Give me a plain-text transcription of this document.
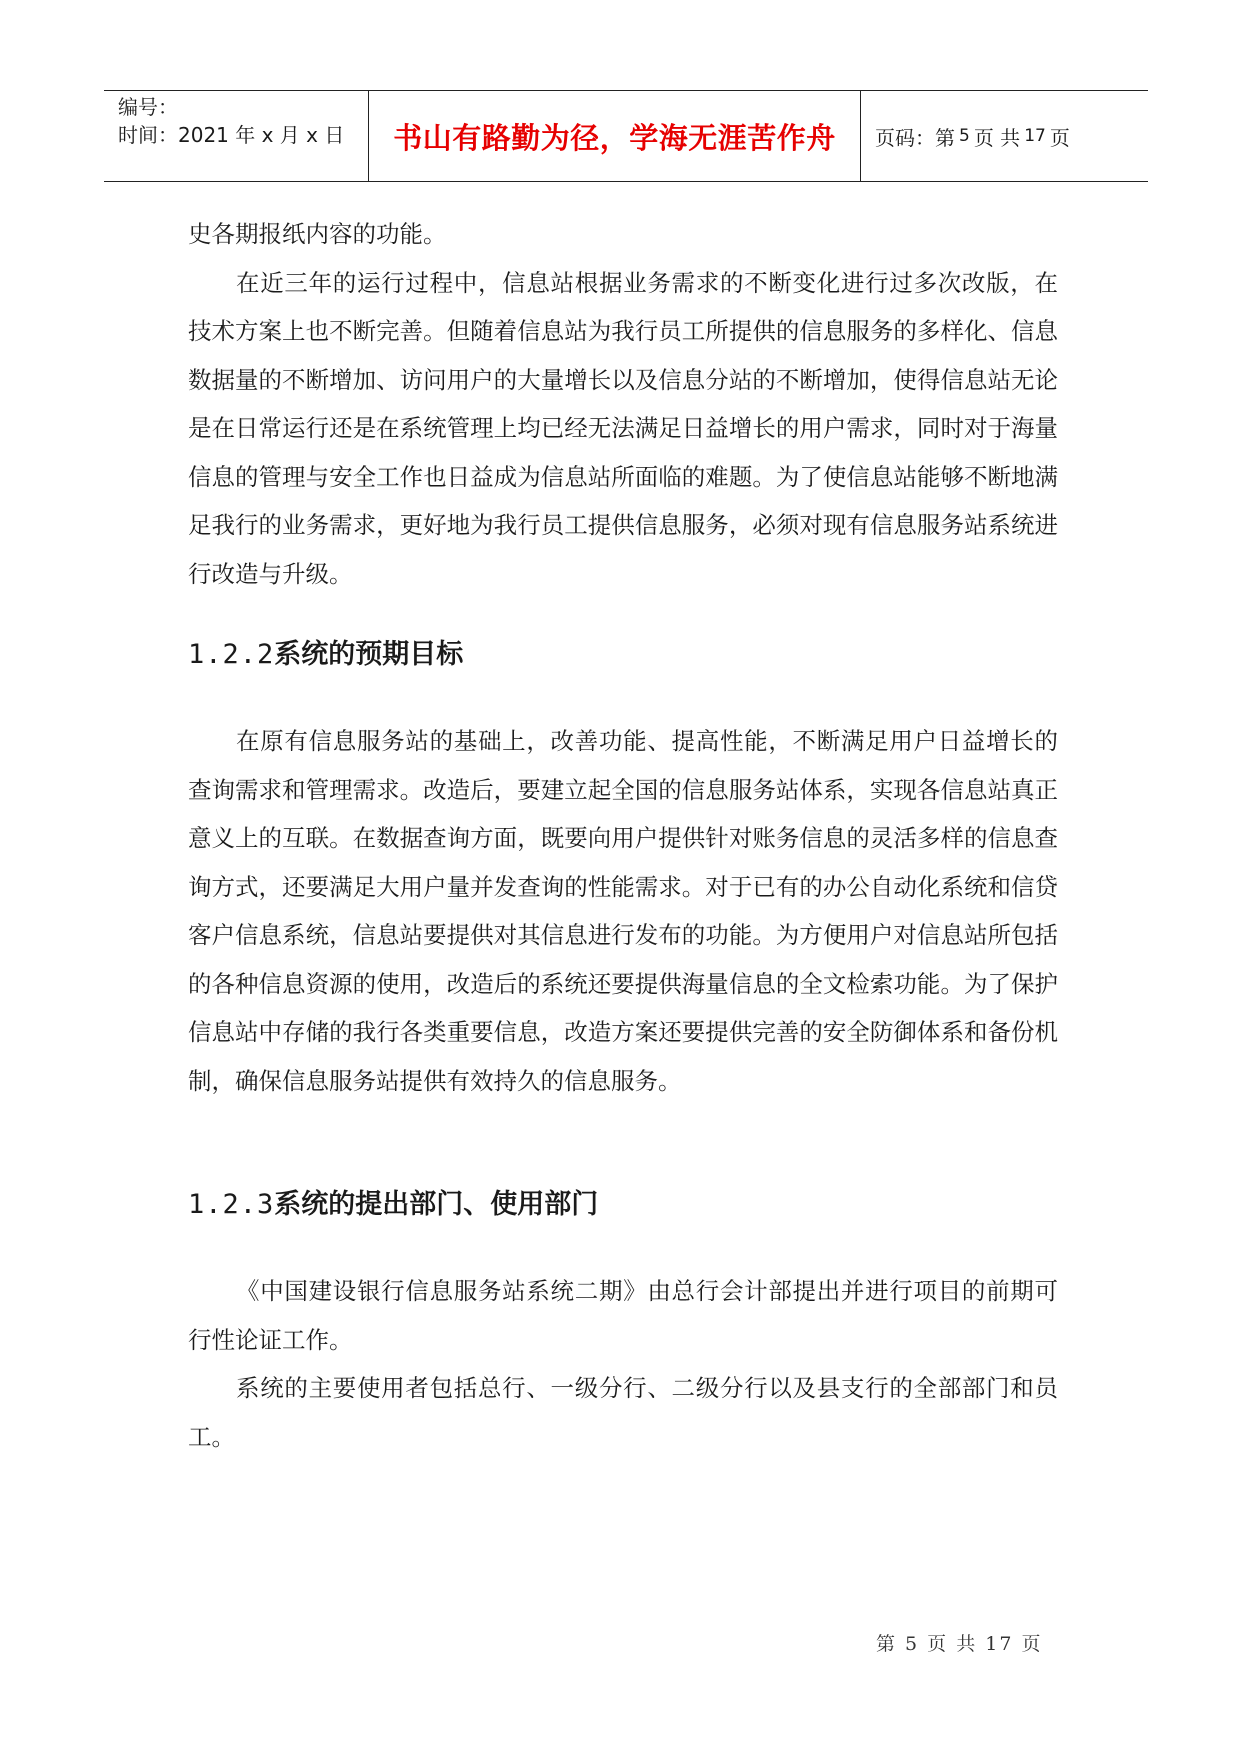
编号：
时间：2021 年 x 月 x 日	书山有路勤为径，学海无涯苦作舟	页码：第 5 页 共 17 页

史各期报纸内容的功能。

在近三年的运行过程中，信息站根据业务需求的不断变化进行过多次改版，在技术方案上也不断完善。但随着信息站为我行员工所提供的信息服务的多样化、信息数据量的不断增加、访问用户的大量增长以及信息分站的不断增加，使得信息站无论是在日常运行还是在系统管理上均已经无法满足日益增长的用户需求，同时对于海量信息的管理与安全工作也日益成为信息站所面临的难题。为了使信息站能够不断地满足我行的业务需求，更好地为我行员工提供信息服务，必须对现有信息服务站系统进行改造与升级。

1.2.2系统的预期目标

在原有信息服务站的基础上，改善功能、提高性能，不断满足用户日益增长的查询需求和管理需求。改造后，要建立起全国的信息服务站体系，实现各信息站真正意义上的互联。在数据查询方面，既要向用户提供针对账务信息的灵活多样的信息查询方式，还要满足大用户量并发查询的性能需求。对于已有的办公自动化系统和信贷客户信息系统，信息站要提供对其信息进行发布的功能。为方便用户对信息站所包括的各种信息资源的使用，改造后的系统还要提供海量信息的全文检索功能。为了保护信息站中存储的我行各类重要信息，改造方案还要提供完善的安全防御体系和备份机制，确保信息服务站提供有效持久的信息服务。

1.2.3系统的提出部门、使用部门

《中国建设银行信息服务站系统二期》由总行会计部提出并进行项目的前期可行性论证工作。

系统的主要使用者包括总行、一级分行、二级分行以及县支行的全部部门和员工。

第 5 页 共 17 页
